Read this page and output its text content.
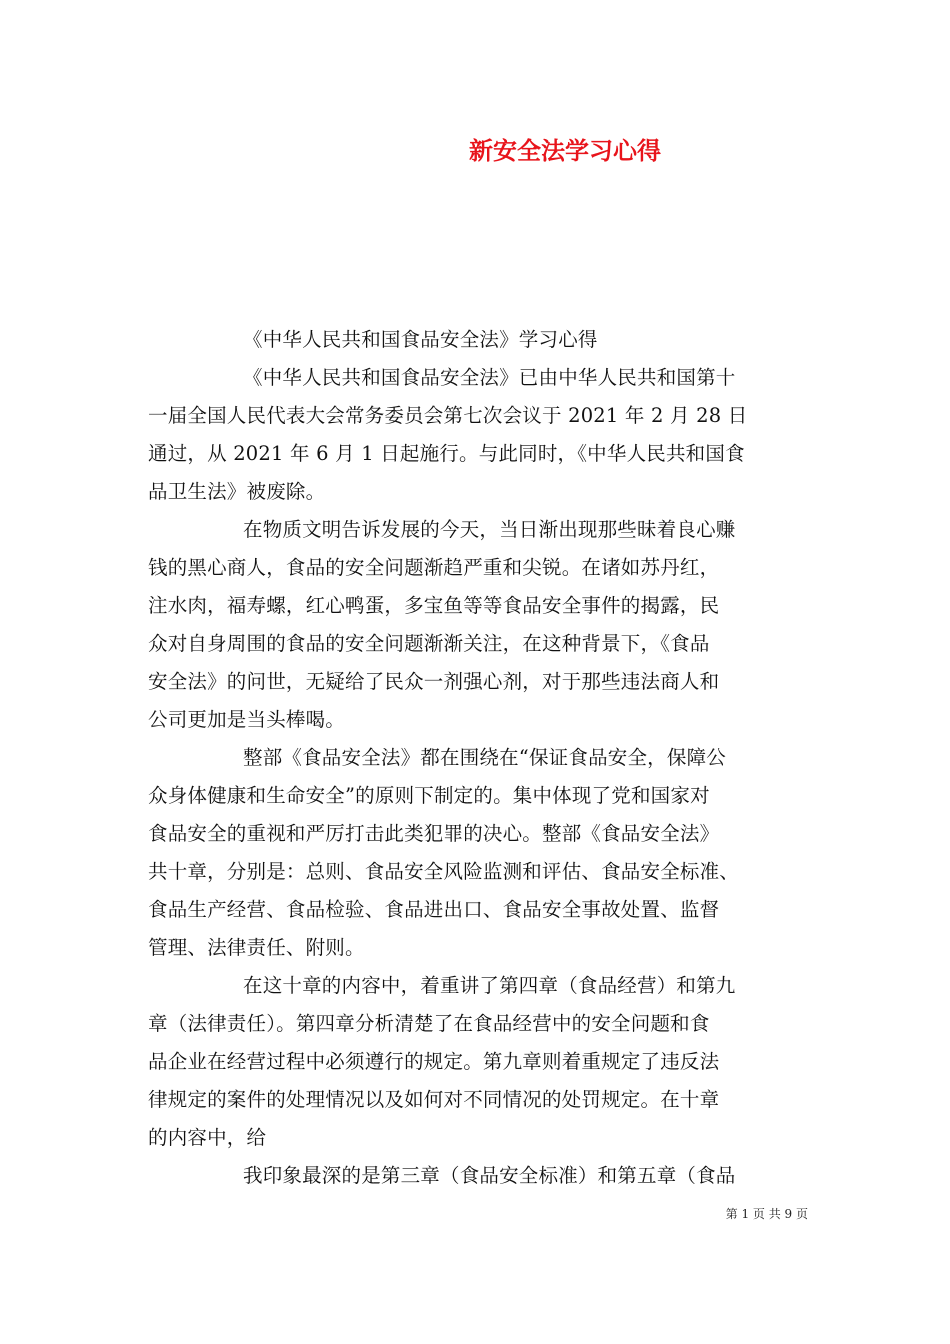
新安全法学习心得
《中华人民共和国食品安全法》学习心得
《中华人民共和国食品安全法》已由中华人民共和国第十
一届全国人民代表大会常务委员会第七次会议于 2021 年 2 月 28 日
通过，从 2021 年 6 月 1 日起施行。与此同时，《中华人民共和国食
品卫生法》被废除。
在物质文明告诉发展的今天，当日渐出现那些昧着良心赚
钱的黑心商人，食品的安全问题渐趋严重和尖锐。在诸如苏丹红，
注水肉，福寿螺，红心鸭蛋，多宝鱼等等食品安全事件的揭露，民
众对自身周围的食品的安全问题渐渐关注，在这种背景下，《食品
安全法》的问世，无疑给了民众一剂强心剂，对于那些违法商人和
公司更加是当头棒喝。
整部《食品安全法》都在围绕在“保证食品安全，保障公
众身体健康和生命安全”的原则下制定的。集中体现了党和国家对
食品安全的重视和严厉打击此类犯罪的决心。整部《食品安全法》
共十章，分别是：总则、食品安全风险监测和评估、食品安全标准、
食品生产经营、食品检验、食品进出口、食品安全事故处置、监督
管理、法律责任、附则。
在这十章的内容中，着重讲了第四章（食品经营）和第九
章（法律责任）。第四章分析清楚了在食品经营中的安全问题和食
品企业在经营过程中必须遵行的规定。第九章则着重规定了违反法
律规定的案件的处理情况以及如何对不同情况的处罚规定。在十章
的内容中，给
我印象最深的是第三章（食品安全标准）和第五章（食品
第 1 页 共 9 页
